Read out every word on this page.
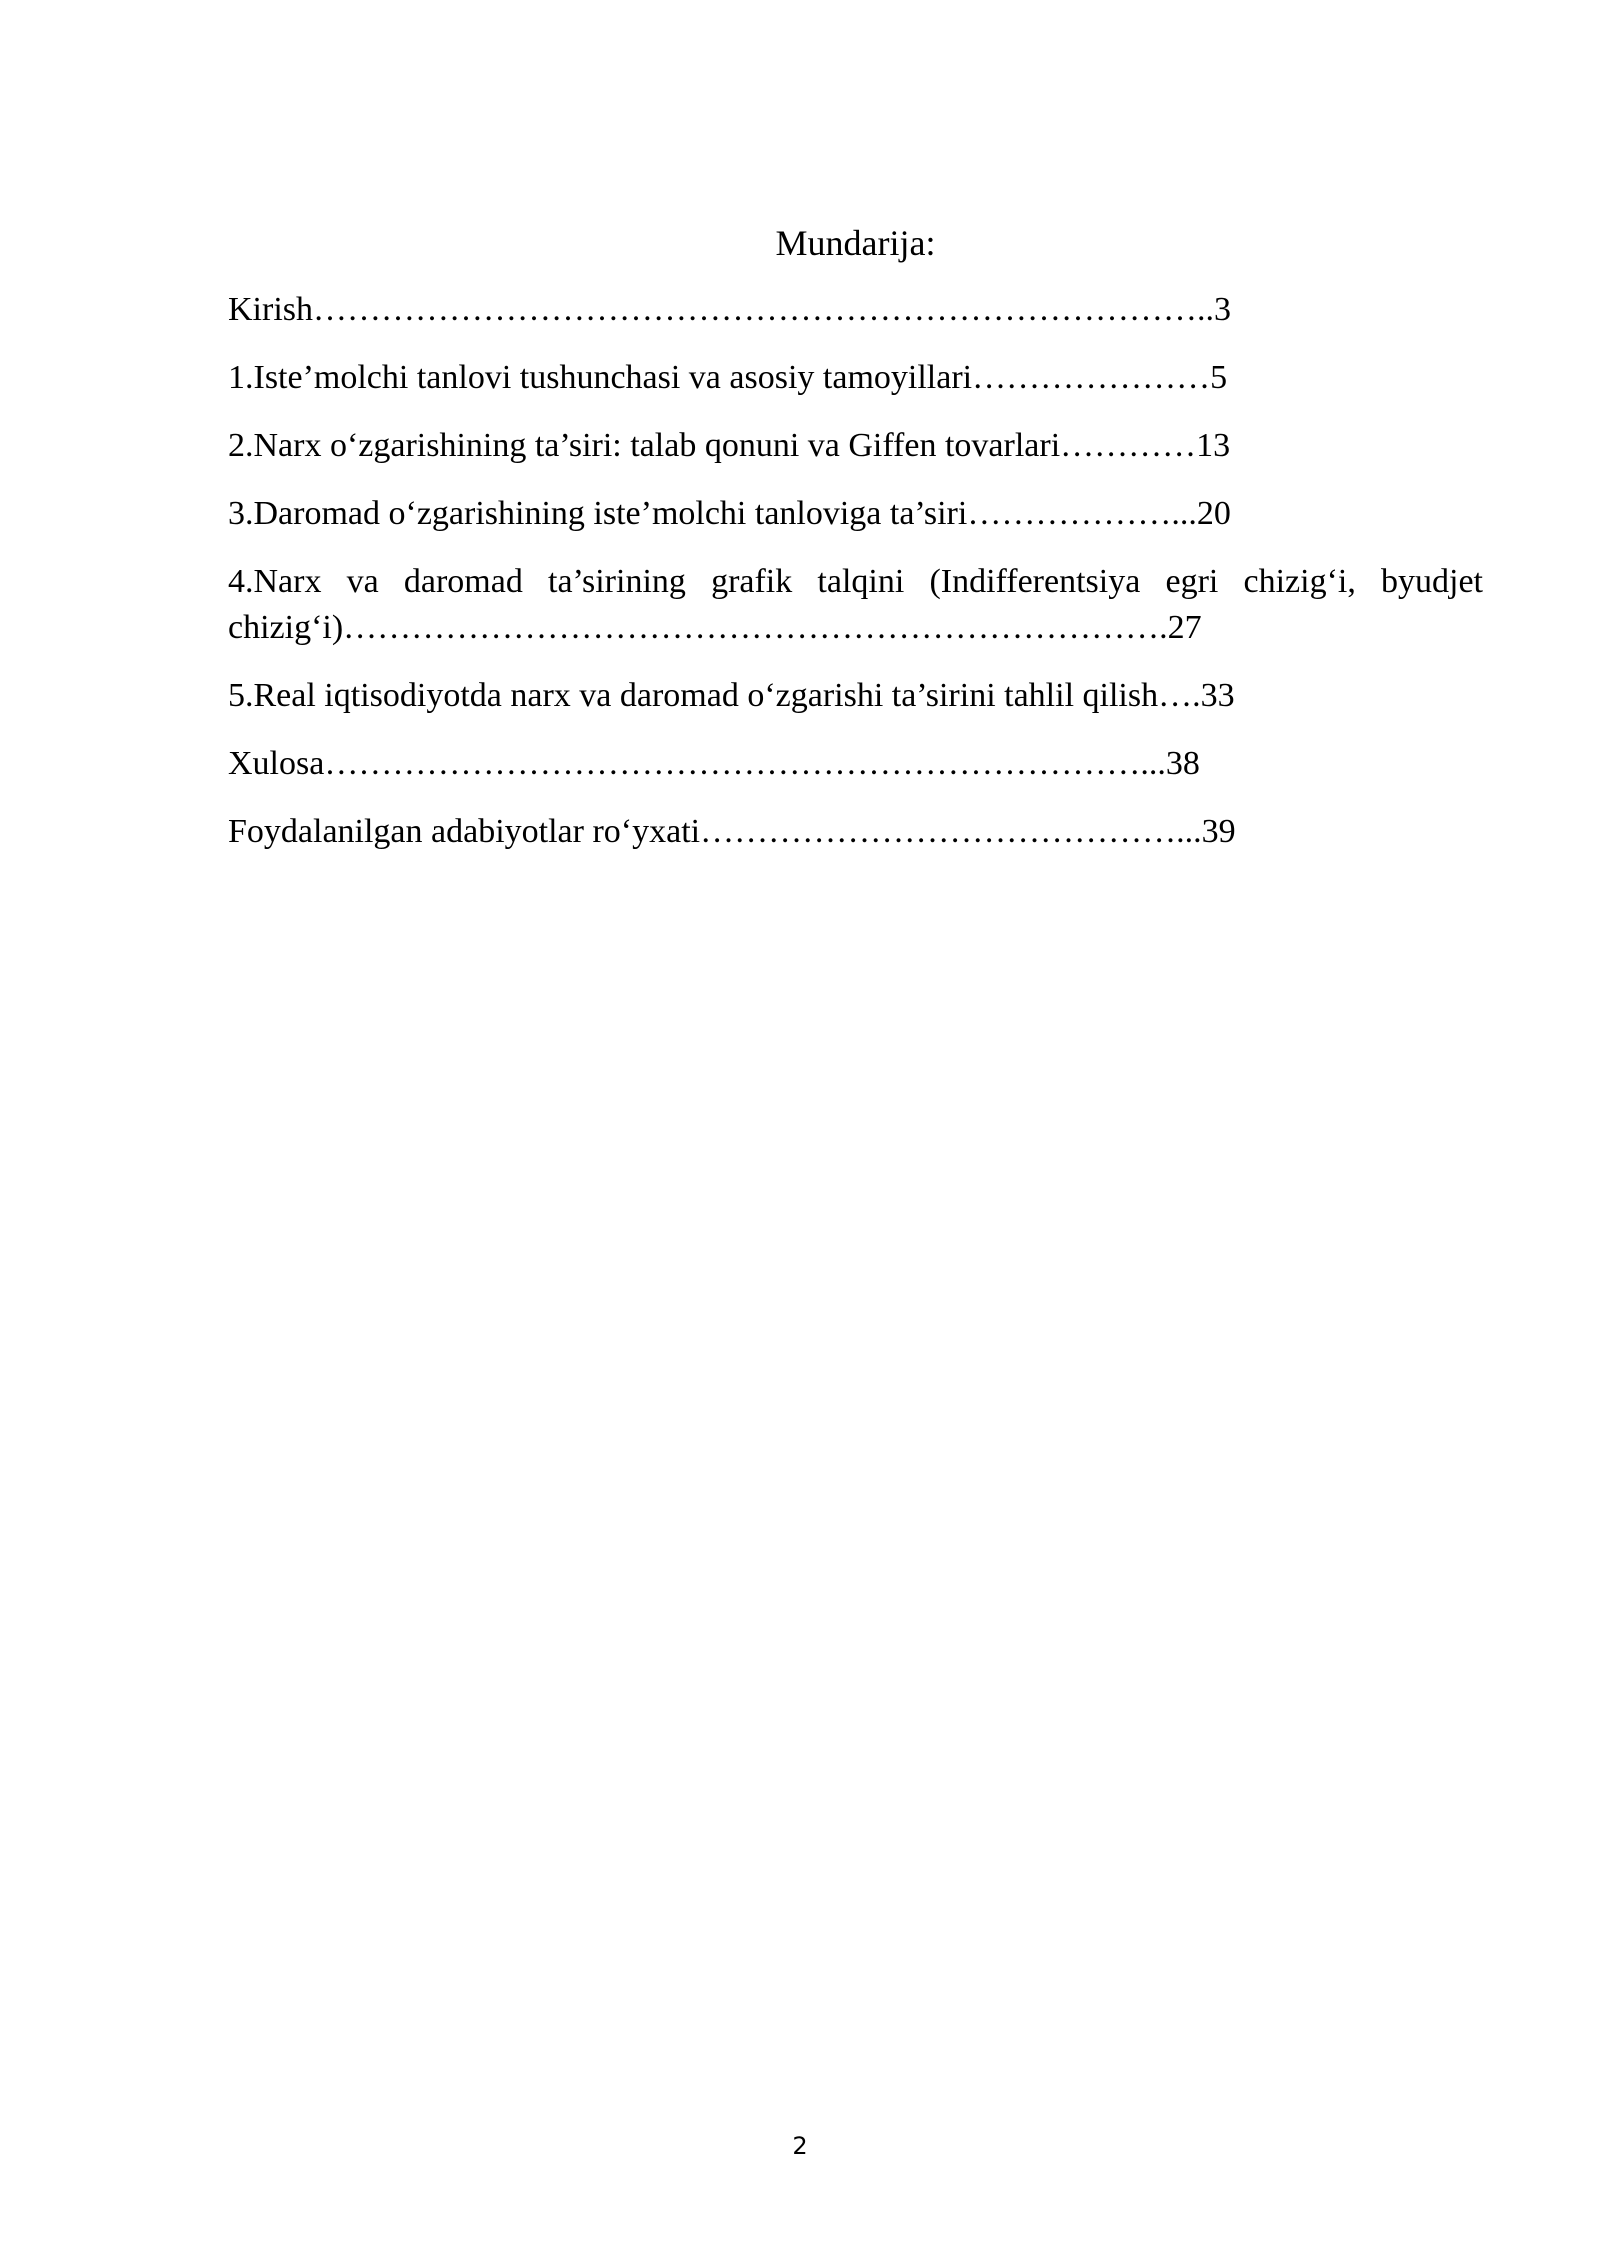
Mundarija:
Kirish……………………………………………………………………..3
1.Iste’molchi tanlovi tushunchasi va asosiy tamoyillari…………………5
2.Narx o‘zgarishining ta’siri: talab qonuni va Giffen tovarlari…………13
3.Daromad o‘zgarishining iste’molchi tanloviga ta’siri………………...20
4.Narx va daromad ta’sirining grafik talqini (Indifferentsiya egri chizig‘i, byudjet chizig‘i)……………………………………………………………….27
5.Real iqtisodiyotda narx va daromad o‘zgarishi ta’sirini tahlil qilish….33
Xulosa………………………………………………………………...38
Foydalanilgan adabiyotlar ro‘yxati……………………………………...39
2
